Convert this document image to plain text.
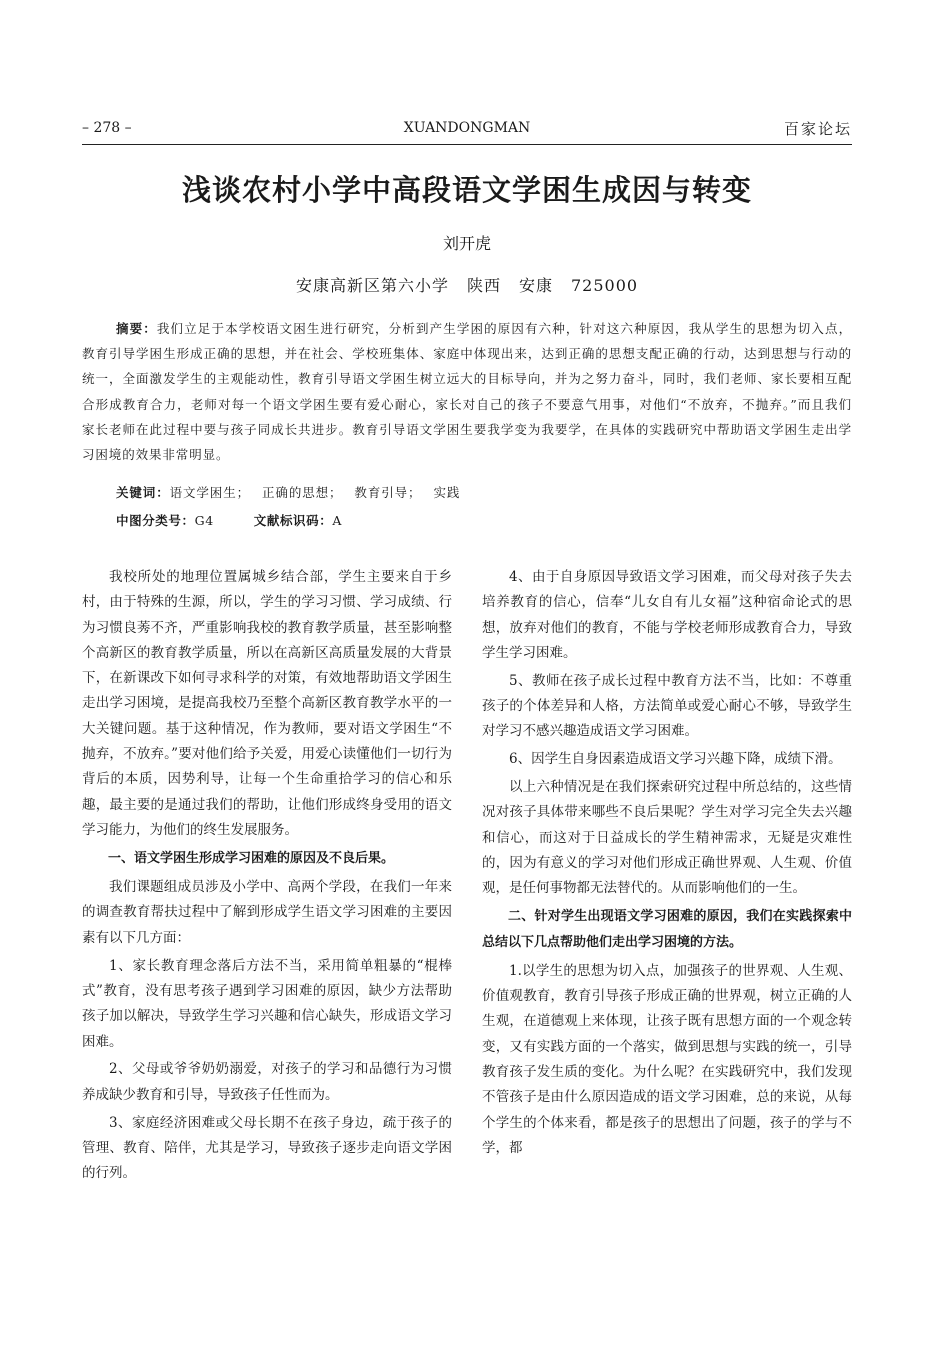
– 278 –	XUANDONGMAN	百家论坛
浅谈农村小学中高段语文学困生成因与转变
刘开虎
安康高新区第六小学 陕西 安康 725000
摘要：我们立足于本学校语文困生进行研究，分析到产生学困的原因有六种，针对这六种原因，我从学生的思想为切入点，教育引导学困生形成正确的思想，并在社会、学校班集体、家庭中体现出来，达到正确的思想支配正确的行动，达到思想与行动的统一，全面激发学生的主观能动性，教育引导语文学困生树立远大的目标导向，并为之努力奋斗，同时，我们老师、家长要相互配合形成教育合力，老师对每一个语文学困生要有爱心耐心，家长对自己的孩子不要意气用事，对他们“不放弃，不抛弃。”而且我们家长老师在此过程中要与孩子同成长共进步。教育引导语文学困生要我学变为我要学，在具体的实践研究中帮助语文学困生走出学习困境的效果非常明显。
关键词：语文学困生； 正确的思想； 教育引导； 实践
中图分类号：G4	文献标识码：A

我校所处的地理位置属城乡结合部，学生主要来自于乡村，由于特殊的生源，所以，学生的学习习惯、学习成绩、行为习惯良莠不齐，严重影响我校的教育教学质量，甚至影响整个高新区的教育教学质量，所以在高新区高质量发展的大背景下，在新课改下如何寻求科学的对策，有效地帮助语文学困生走出学习困境，是提高我校乃至整个高新区教育教学水平的一大关键问题。基于这种情况，作为教师，要对语文学困生“不抛弃，不放弃。”要对他们给予关爱，用爱心读懂他们一切行为背后的本质，因势利导，让每一个生命重拾学习的信心和乐趣，最主要的是通过我们的帮助，让他们形成终身受用的语文学习能力，为他们的终生发展服务。

一、语文学困生形成学习困难的原因及不良后果。

我们课题组成员涉及小学中、高两个学段，在我们一年来的调查教育帮扶过程中了解到形成学生语文学习困难的主要因素有以下几方面：

1、家长教育理念落后方法不当，采用简单粗暴的“棍棒式”教育，没有思考孩子遇到学习困难的原因，缺少方法帮助孩子加以解决，导致学生学习兴趣和信心缺失，形成语文学习困难。

2、父母或爷爷奶奶溺爱，对孩子的学习和品德行为习惯养成缺少教育和引导，导致孩子任性而为。

3、家庭经济困难或父母长期不在孩子身边，疏于孩子的管理、教育、陪伴，尤其是学习，导致孩子逐步走向语文学困的行列。

4、由于自身原因导致语文学习困难，而父母对孩子失去培养教育的信心，信奉“儿女自有儿女福”这种宿命论式的思想，放弃对他们的教育，不能与学校老师形成教育合力，导致学生学习困难。

5、教师在孩子成长过程中教育方法不当，比如：不尊重孩子的个体差异和人格，方法简单或爱心耐心不够，导致学生对学习不感兴趣造成语文学习困难。

6、因学生自身因素造成语文学习兴趣下降，成绩下滑。

以上六种情况是在我们探索研究过程中所总结的，这些情况对孩子具体带来哪些不良后果呢？学生对学习完全失去兴趣和信心，而这对于日益成长的学生精神需求，无疑是灾难性的，因为有意义的学习对他们形成正确世界观、人生观、价值观，是任何事物都无法替代的。从而影响他们的一生。

二、针对学生出现语文学习困难的原因，我们在实践探索中总结以下几点帮助他们走出学习困境的方法。

1.以学生的思想为切入点，加强孩子的世界观、人生观、价值观教育，教育引导孩子形成正确的世界观，树立正确的人生观，在道德观上来体现，让孩子既有思想方面的一个观念转变，又有实践方面的一个落实，做到思想与实践的统一，引导教育孩子发生质的变化。为什么呢？在实践研究中，我们发现不管孩子是由什么原因造成的语文学习困难，总的来说，从每个学生的个体来看，都是孩子的思想出了问题，孩子的学与不学，都
